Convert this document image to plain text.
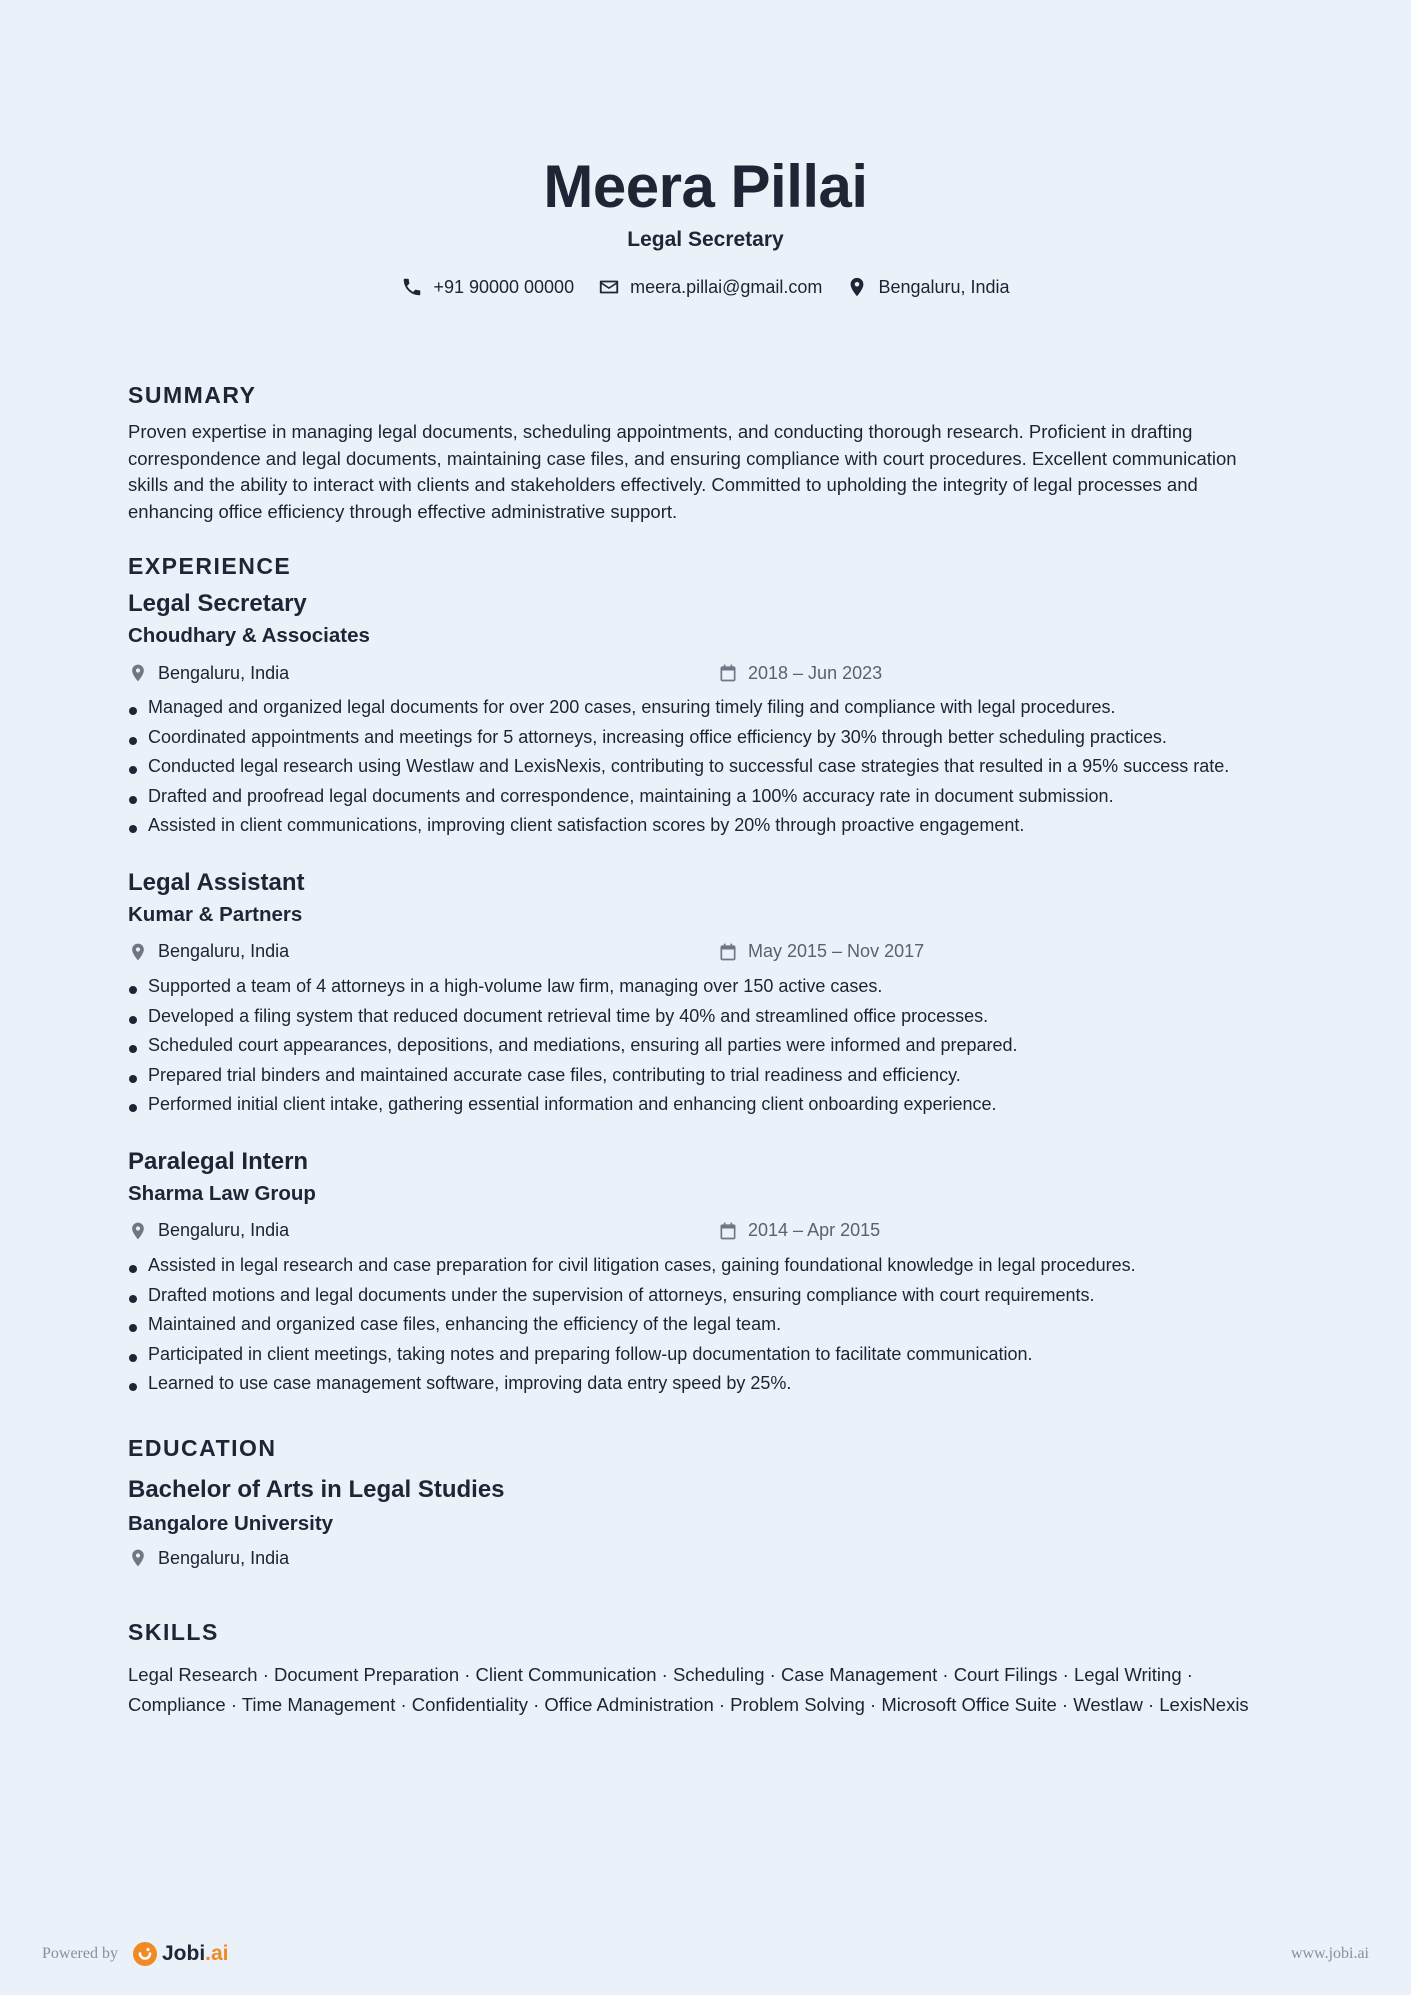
Meera Pillai
Legal Secretary
+91 90000 00000	meera.pillai@gmail.com	Bengaluru, India
SUMMARY
Proven expertise in managing legal documents, scheduling appointments, and conducting thorough research. Proficient in drafting correspondence and legal documents, maintaining case files, and ensuring compliance with court procedures. Excellent communication skills and the ability to interact with clients and stakeholders effectively. Committed to upholding the integrity of legal processes and enhancing office efficiency through effective administrative support.
EXPERIENCE
Legal Secretary
Choudhary & Associates
Bengaluru, India	2018 – Jun 2023
Managed and organized legal documents for over 200 cases, ensuring timely filing and compliance with legal procedures.
Coordinated appointments and meetings for 5 attorneys, increasing office efficiency by 30% through better scheduling practices.
Conducted legal research using Westlaw and LexisNexis, contributing to successful case strategies that resulted in a 95% success rate.
Drafted and proofread legal documents and correspondence, maintaining a 100% accuracy rate in document submission.
Assisted in client communications, improving client satisfaction scores by 20% through proactive engagement.
Legal Assistant
Kumar & Partners
Bengaluru, India	May 2015 – Nov 2017
Supported a team of 4 attorneys in a high-volume law firm, managing over 150 active cases.
Developed a filing system that reduced document retrieval time by 40% and streamlined office processes.
Scheduled court appearances, depositions, and mediations, ensuring all parties were informed and prepared.
Prepared trial binders and maintained accurate case files, contributing to trial readiness and efficiency.
Performed initial client intake, gathering essential information and enhancing client onboarding experience.
Paralegal Intern
Sharma Law Group
Bengaluru, India	2014 – Apr 2015
Assisted in legal research and case preparation for civil litigation cases, gaining foundational knowledge in legal procedures.
Drafted motions and legal documents under the supervision of attorneys, ensuring compliance with court requirements.
Maintained and organized case files, enhancing the efficiency of the legal team.
Participated in client meetings, taking notes and preparing follow-up documentation to facilitate communication.
Learned to use case management software, improving data entry speed by 25%.
EDUCATION
Bachelor of Arts in Legal Studies
Bangalore University
Bengaluru, India
SKILLS
Legal Research · Document Preparation · Client Communication · Scheduling · Case Management · Court Filings · Legal Writing ·
Compliance · Time Management · Confidentiality · Office Administration · Problem Solving · Microsoft Office Suite · Westlaw · LexisNexis
Powered by Jobi .ai	www.jobi.ai
